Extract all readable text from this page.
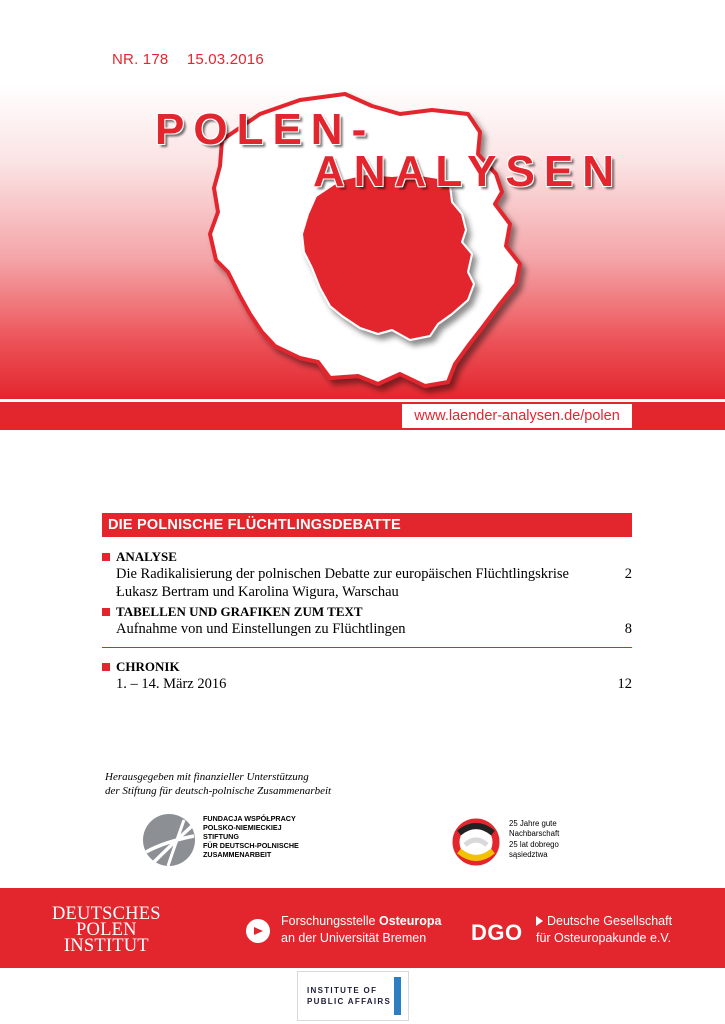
NR. 178 15.03.2016
POLEN-
ANALYSEN
www.laender-analysen.de/polen
DIE POLNISCHE FLÜCHTLINGSDEBATTE
ANALYSE
Die Radikalisierung der polnischen Debatte zur europäischen Flüchtlingskrise	2
Łukasz Bertram und Karolina Wigura, Warschau
TABELLEN UND GRAFIKEN ZUM TEXT
Aufnahme von und Einstellungen zu Flüchtlingen	8
CHRONIK
1. – 14. März 2016	12
Herausgegeben mit finanzieller Unterstützung
der Stiftung für deutsch-polnische Zusammenarbeit
FUNDACJA WSPÓŁPRACY
POLSKO-NIEMIECKIEJ
STIFTUNG
FÜR DEUTSCH-POLNISCHE
ZUSAMMENARBEIT
25 Jahre gute
Nachbarschaft
25 lat dobrego
sąsiedztwa
DEUTSCHES
POLEN
INSTITUT
Forschungsstelle Osteuropa
an der Universität Bremen	DGO	Deutsche Gesellschaft
für Osteuropakunde e.V.
INSTITUTE OF
PUBLIC AFFAIRS
